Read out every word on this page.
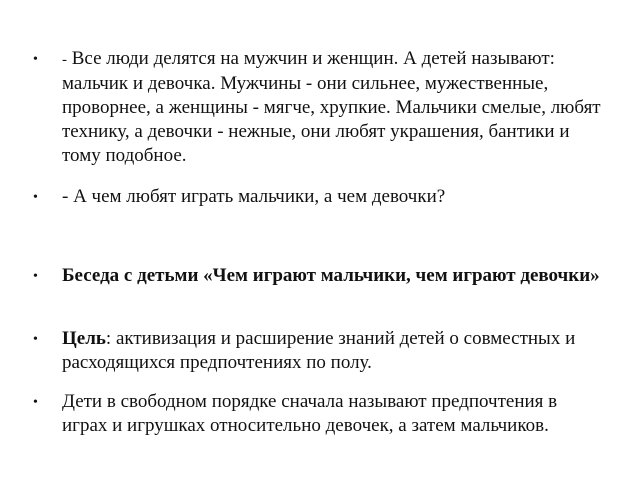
•	- Все люди делятся на мужчин и женщин. А детей называют: мальчик и девочка. Мужчины - они сильнее, мужественные, проворнее, а женщины - мягче, хрупкие. Мальчики смелые, любят технику, а девочки - нежные, они любят украшения, бантики и тому подобное.
•	- А чем любят играть мальчики, а чем девочки?
•	Беседа с детьми «Чем играют мальчики, чем играют девочки»
•	Цель: активизация и расширение знаний детей о совместных и расходящихся предпочтениях по полу.
•	Дети в свободном порядке сначала называют предпочтения в играх и игрушках относительно девочек, а затем мальчиков.
